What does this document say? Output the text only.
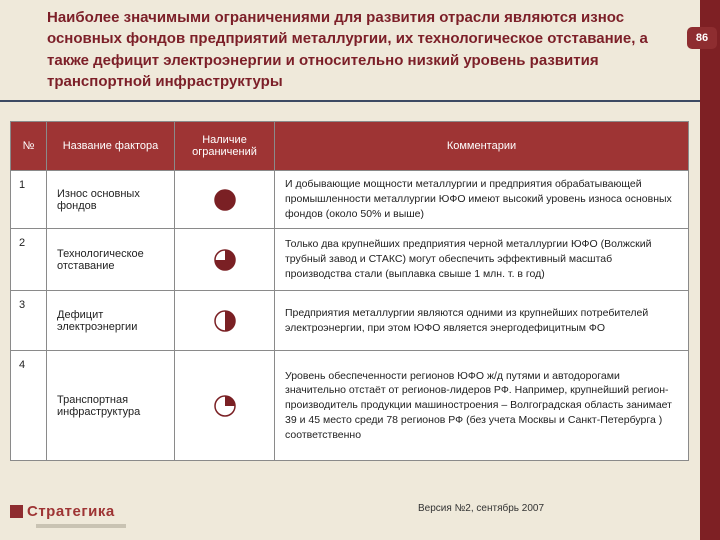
86
Наиболее значимыми ограничениями для развития отрасли являются износ основных фондов предприятий металлургии, их технологическое отставание, а также дефицит электроэнергии и относительно низкий уровень развития транспортной инфраструктуры
№	Название фактора	Наличие ограничений	Комментарии
1	Износ основных фондов		И добывающие мощности металлургии и предприятия обрабатывающей промышленности металлургии ЮФО имеют высокий уровень износа основных фондов (около 50% и выше)
2	Технологическое отставание		Только два крупнейших предприятия черной металлургии ЮФО (Волжский трубный завод и СТАКС) могут обеспечить эффективный масштаб производства стали (выплавка свыше 1 млн. т. в год)
3	Дефицит электроэнергии		Предприятия металлургии являются одними из крупнейших потребителей электроэнергии, при этом ЮФО является энергодефицитным ФО
4	Транспортная инфраструктура		Уровень обеспеченности регионов ЮФО ж/д путями и автодорогами значительно отстаёт от регионов-лидеров РФ. Например, крупнейший регион-производитель продукции машиностроения – Волгоградская область занимает 39 и 45 место среди 78 регионов РФ (без учета Москвы и Санкт-Петербурга ) соответственно
Стратегика	Версия №2, сентябрь 2007
